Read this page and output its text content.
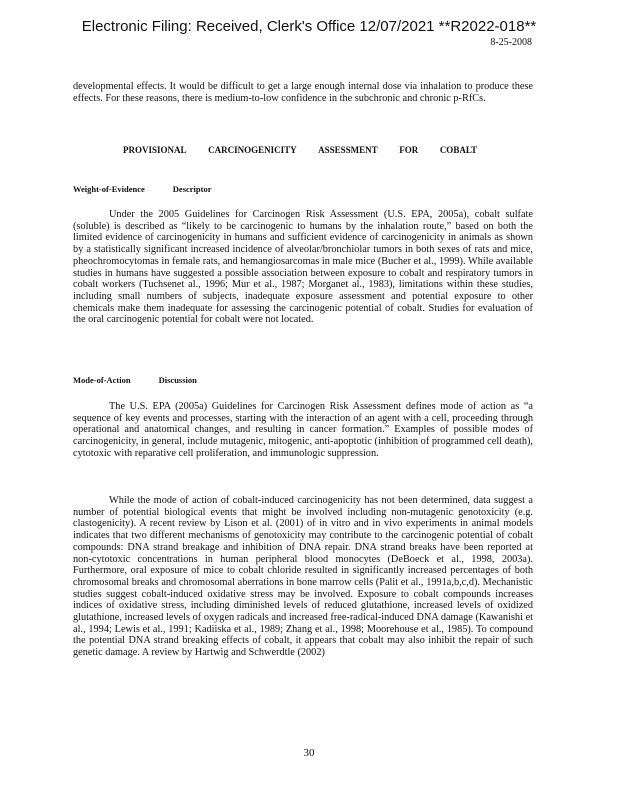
Electronic Filing: Received, Clerk's Office 12/07/2021 **R2022-018**
8-25-2008
developmental effects. It would be difficult to get a large enough internal dose via inhalation to produce these effects. For these reasons, there is medium-to-low confidence in the subchronic and chronic p-RfCs.
PROVISIONAL CARCINOGENICITY ASSESSMENT FOR COBALT
Weight-of-Evidence	Descriptor
Under the 2005 Guidelines for Carcinogen Risk Assessment (U.S. EPA, 2005a), cobalt sulfate (soluble) is described as “likely to be carcinogenic to humans by the inhalation route,” based on both the limited evidence of carcinogenicity in humans and sufficient evidence of carcinogenicity in animals as shown by a statistically significant increased incidence of alveolar/bronchiolar tumors in both sexes of rats and mice, pheochromocytomas in female rats, and hemangiosarcomas in male mice (Bucher et al., 1999). While available studies in humans have suggested a possible association between exposure to cobalt and respiratory tumors in cobalt workers (Tuchsenet al., 1996; Mur et al., 1987; Morganet al., 1983), limitations within these studies, including small numbers of subjects, inadequate exposure assessment and potential exposure to other chemicals make them inadequate for assessing the carcinogenic potential of cobalt. Studies for evaluation of the oral carcinogenic potential for cobalt were not located.
Mode-of-Action	Discussion
The U.S. EPA (2005a) Guidelines for Carcinogen Risk Assessment defines mode of action as “a sequence of key events and processes, starting with the interaction of an agent with a cell, proceeding through operational and anatomical changes, and resulting in cancer formation.” Examples of possible modes of carcinogenicity, in general, include mutagenic, mitogenic, anti-apoptotic (inhibition of programmed cell death), cytotoxic with reparative cell proliferation, and immunologic suppression.
While the mode of action of cobalt-induced carcinogenicity has not been determined, data suggest a number of potential biological events that might be involved including non-mutagenic genotoxicity (e.g. clastogenicity). A recent review by Lison et al. (2001) of in vitro and in vivo experiments in animal models indicates that two different mechanisms of genotoxicity may contribute to the carcinogenic potential of cobalt compounds: DNA strand breakage and inhibition of DNA repair. DNA strand breaks have been reported at non-cytotoxic concentrations in human peripheral blood monocytes (DeBoeck et al., 1998, 2003a). Furthermore, oral exposure of mice to cobalt chloride resulted in significantly increased percentages of both chromosomal breaks and chromosomal aberrations in bone marrow cells (Palit et al., 1991a,b,c,d). Mechanistic studies suggest cobalt-induced oxidative stress may be involved. Exposure to cobalt compounds increases indices of oxidative stress, including diminished levels of reduced glutathione, increased levels of oxidized glutathione, increased levels of oxygen radicals and increased free-radical-induced DNA damage (Kawanishi et al., 1994; Lewis et al., 1991; Kadiiska et al., 1989; Zhang et al., 1998; Moorehouse et al., 1985). To compound the potential DNA strand breaking effects of cobalt, it appears that cobalt may also inhibit the repair of such genetic damage. A review by Hartwig and Schwerdtle (2002)
30
